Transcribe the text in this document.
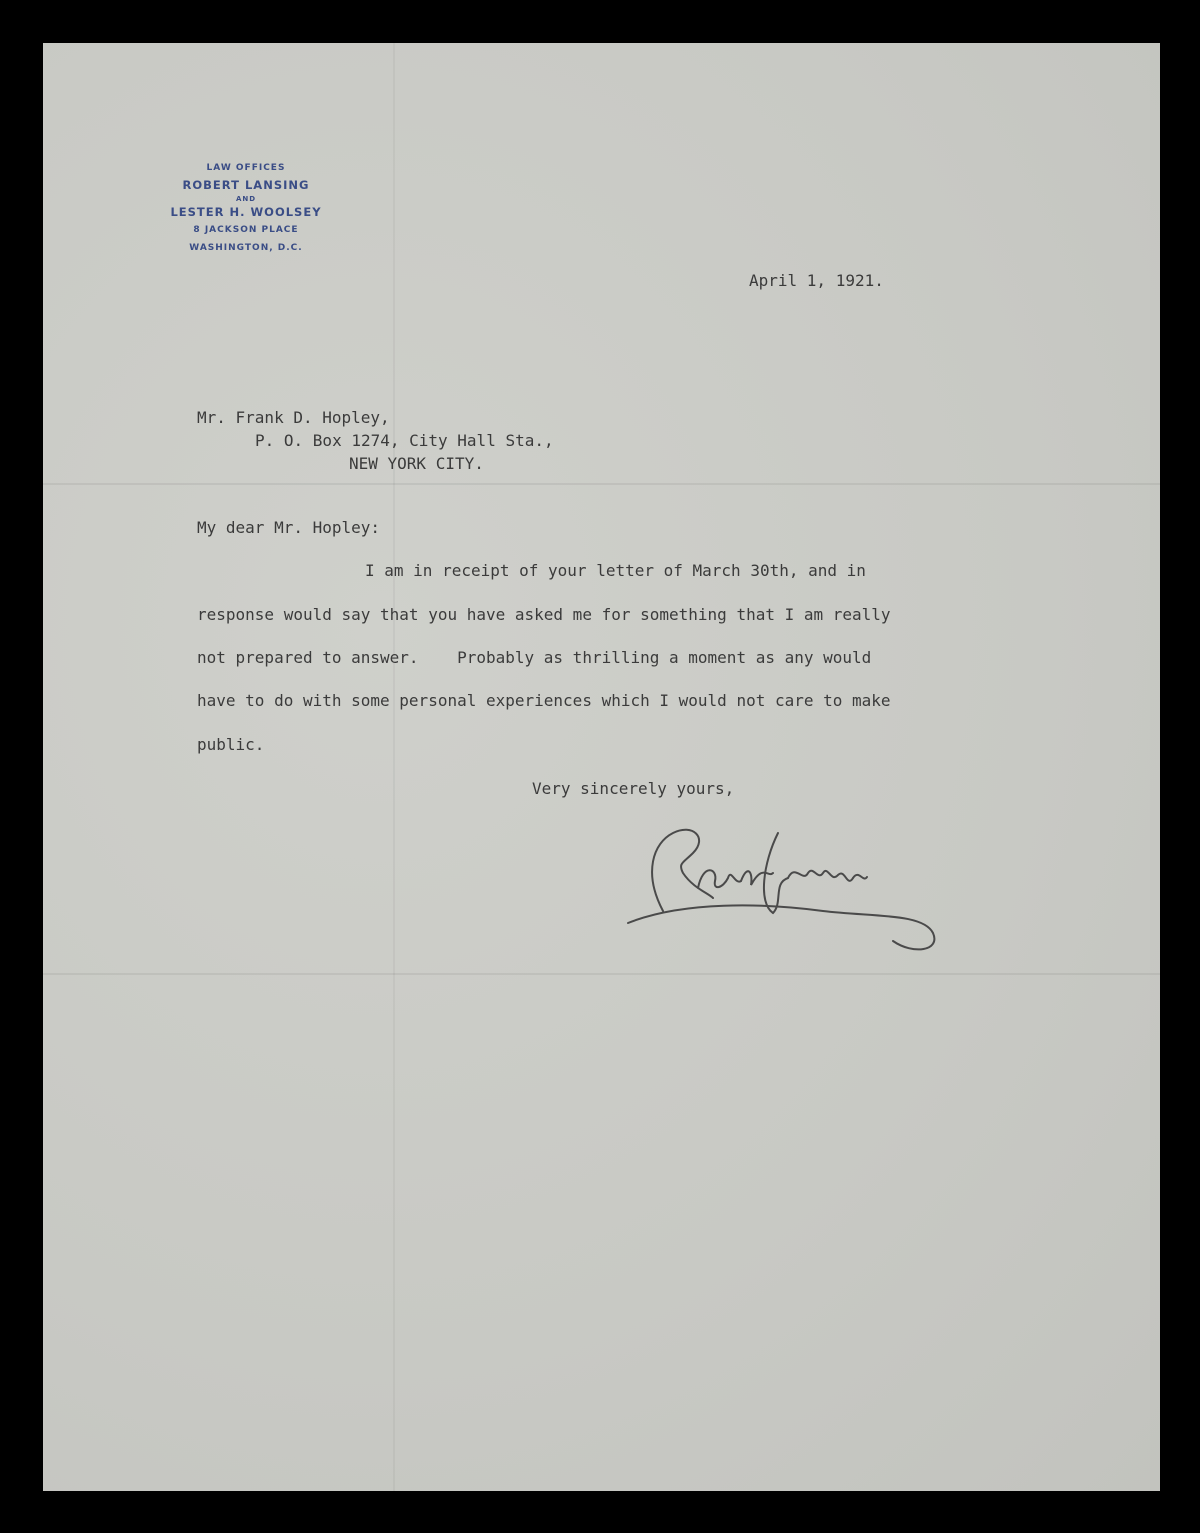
LAW OFFICES
ROBERT LANSING
AND
LESTER H. WOOLSEY
8 JACKSON PLACE
WASHINGTON, D.C.
April 1, 1921.
Mr. Frank D. Hopley,
P. O. Box 1274, City Hall Sta.,
NEW YORK CITY.
My dear Mr. Hopley:
I am in receipt of your letter of March 30th, and in
response would say that you have asked me for something that I am really
not prepared to answer.    Probably as thrilling a moment as any would
have to do with some personal experiences which I would not care to make
public.
Very sincerely yours,
